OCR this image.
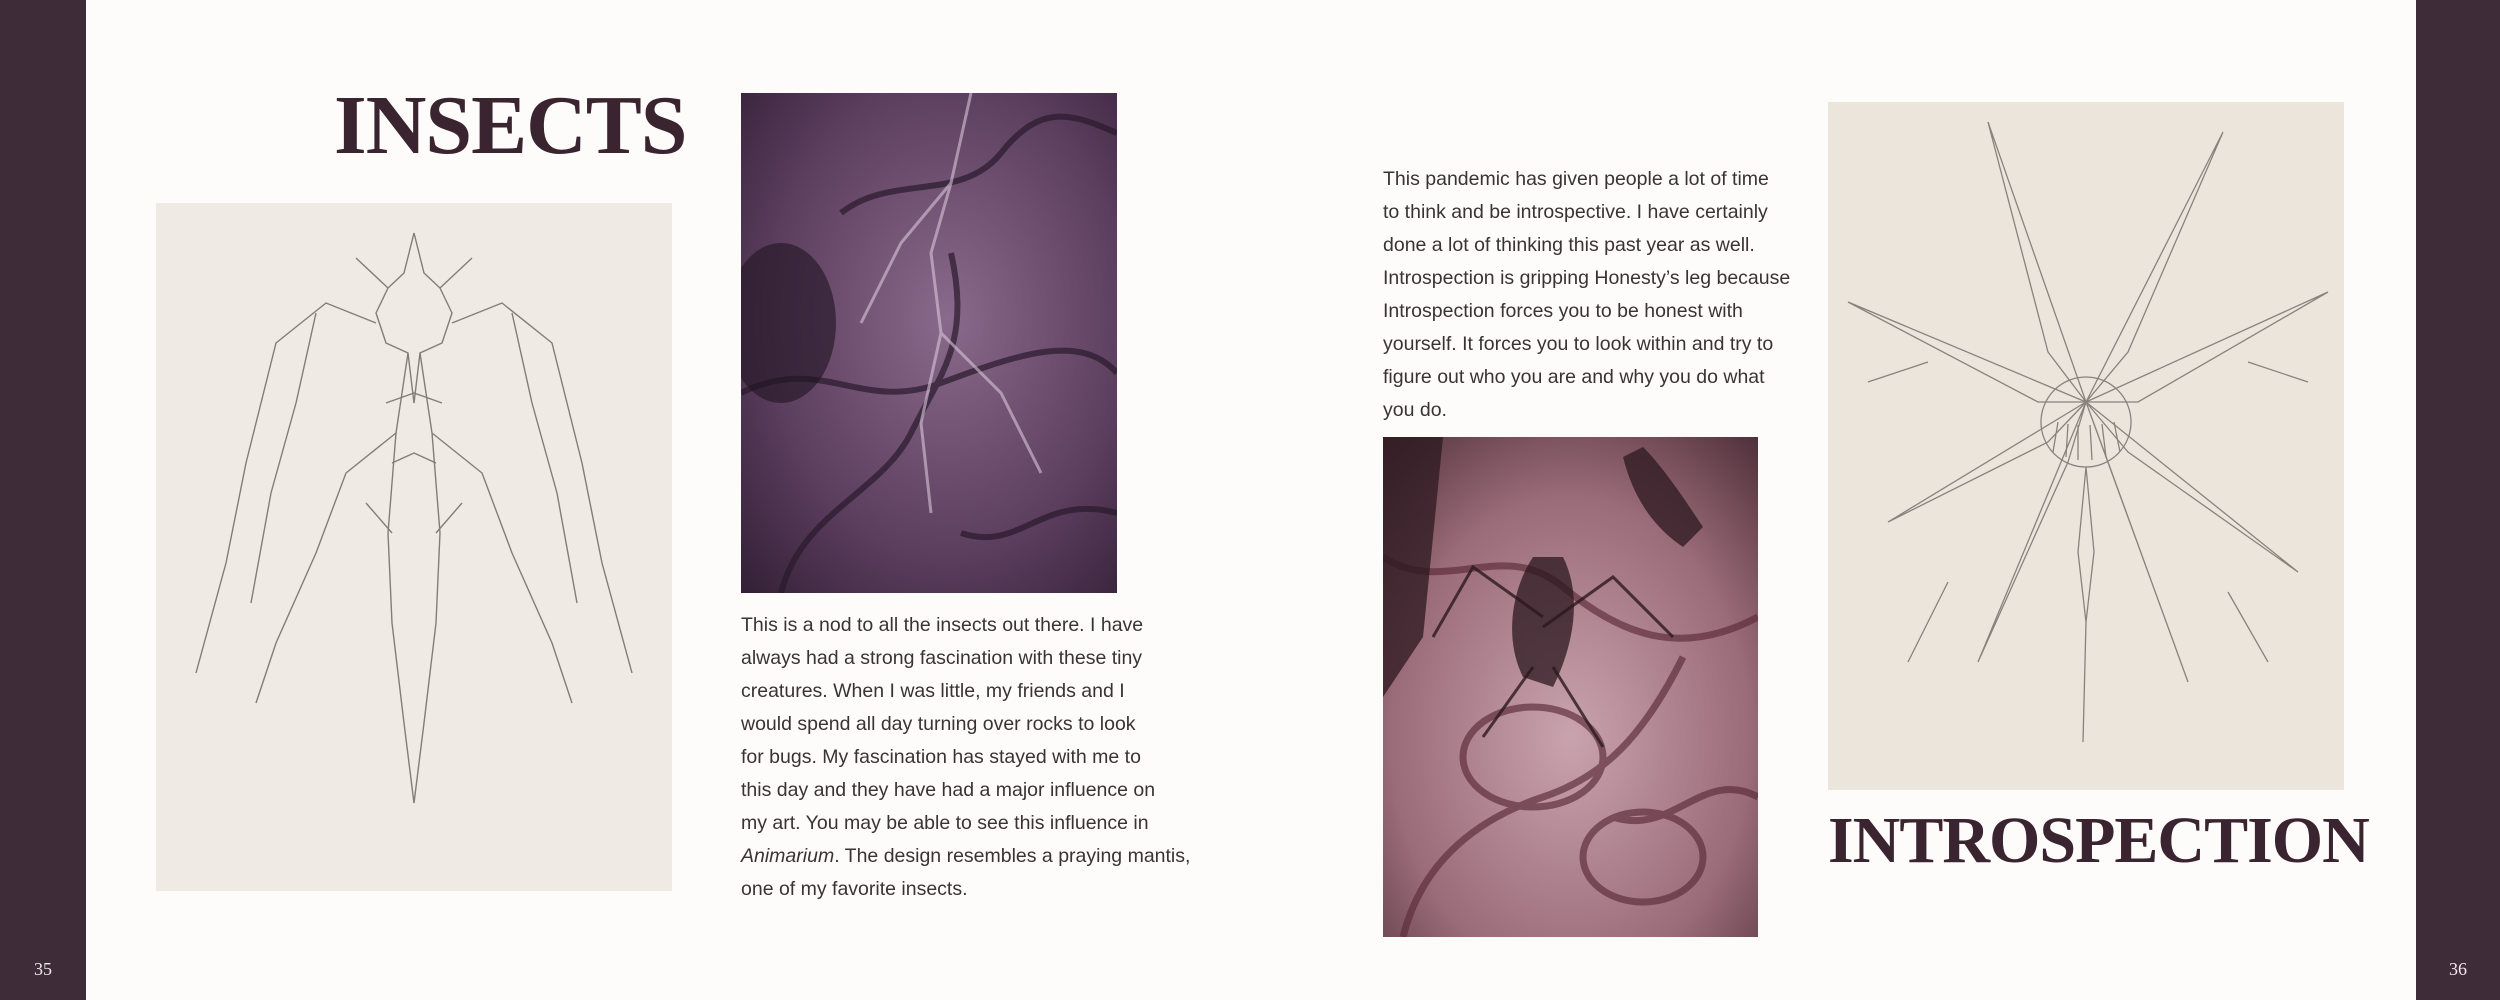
35	36
INSECTS

This is a nod to all the insects out there. I have
always had a strong fascination with these tiny
creatures. When I was little, my friends and I
would spend all day turning over rocks to look
for bugs. My fascination has stayed with me to
this day and they have had a major influence on
my art. You may be able to see this influence in
Animarium. The design resembles a praying mantis,
one of my favorite insects.

This pandemic has given people a lot of time
to think and be introspective. I have certainly
done a lot of thinking this past year as well.
Introspection is gripping Honesty’s leg because
Introspection forces you to be honest with
yourself. It forces you to look within and try to
figure out who you are and why you do what
you do.

INTROSPECTION
